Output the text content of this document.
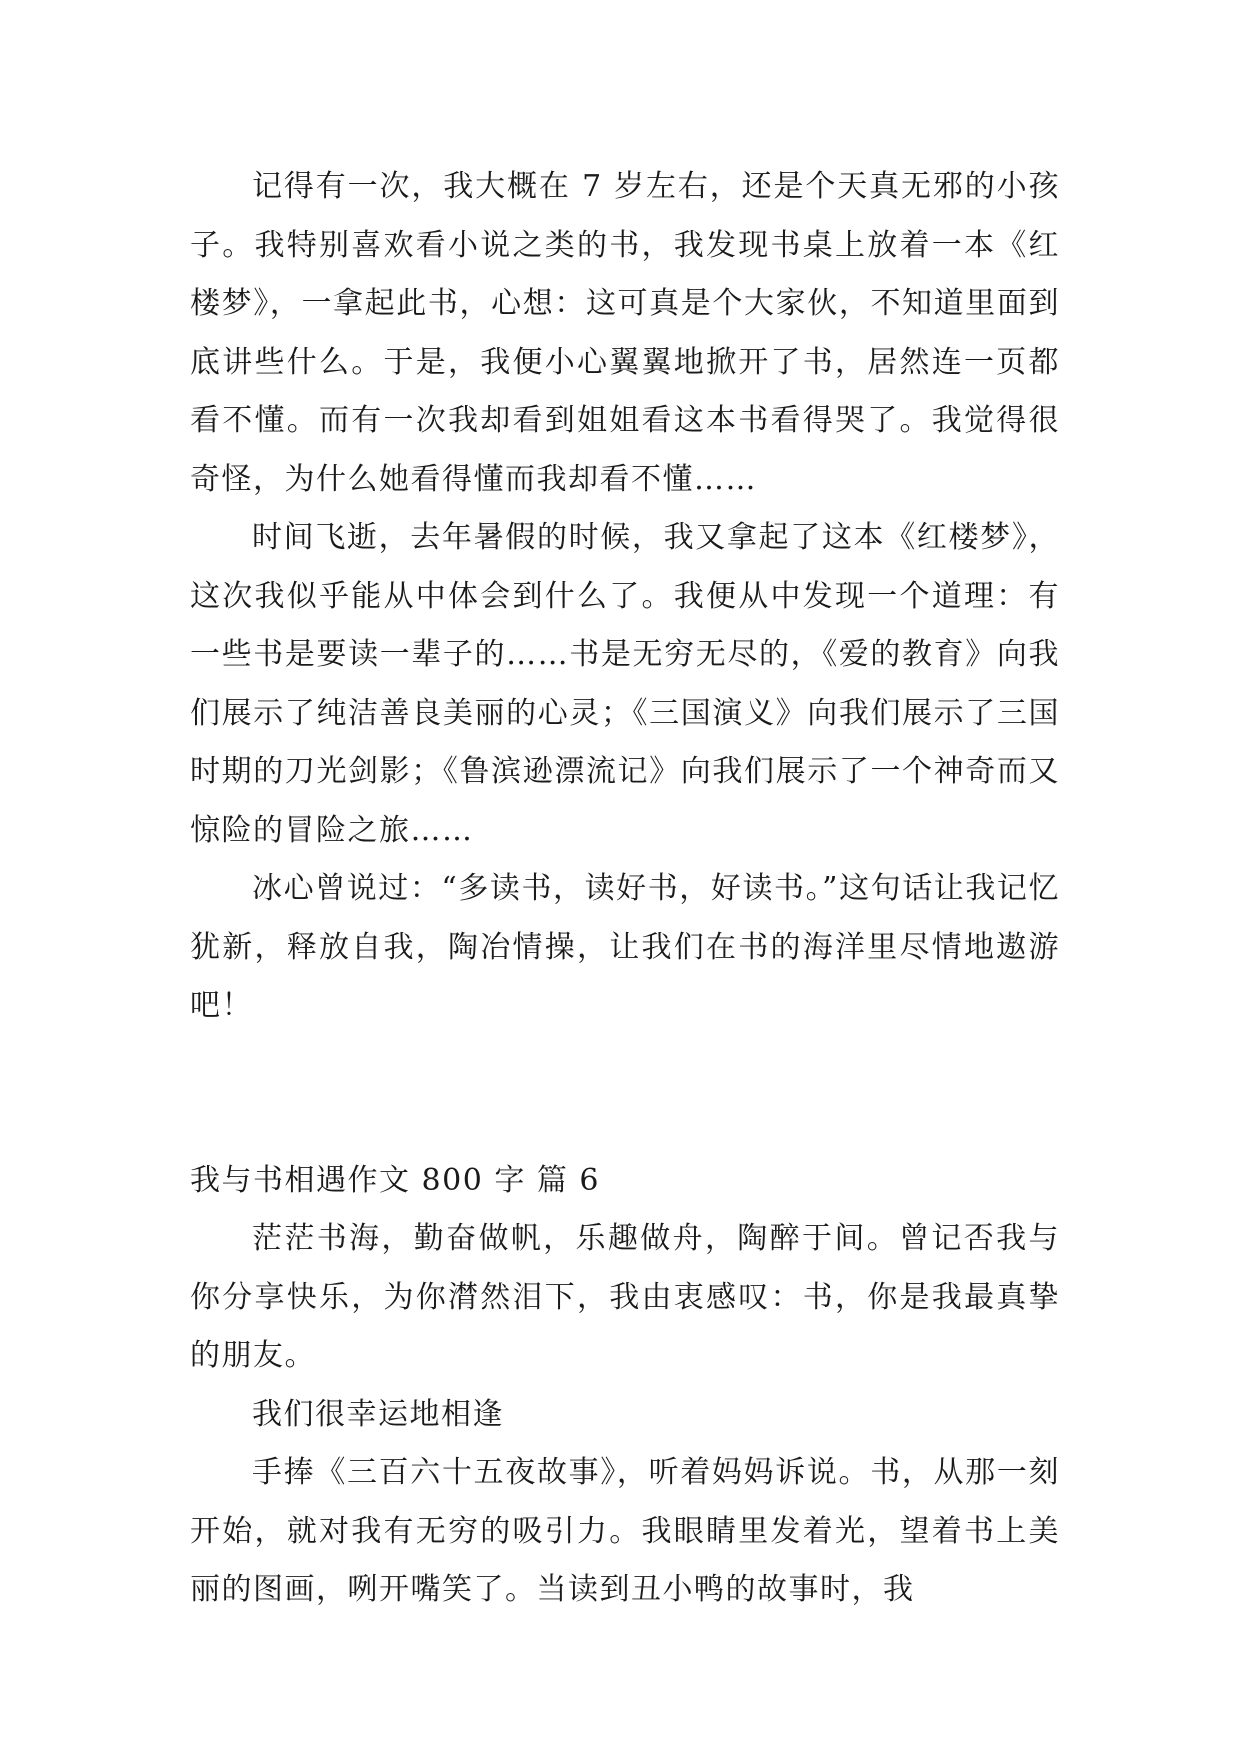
记得有一次，我大概在 7 岁左右，还是个天真无邪的小孩子。我特别喜欢看小说之类的书，我发现书桌上放着一本《红楼梦》，一拿起此书，心想：这可真是个大家伙，不知道里面到底讲些什么。于是，我便小心翼翼地掀开了书，居然连一页都看不懂。而有一次我却看到姐姐看这本书看得哭了。我觉得很奇怪，为什么她看得懂而我却看不懂……

时间飞逝，去年暑假的时候，我又拿起了这本《红楼梦》，这次我似乎能从中体会到什么了。我便从中发现一个道理：有一些书是要读一辈子的……书是无穷无尽的，《爱的教育》向我们展示了纯洁善良美丽的心灵；《三国演义》向我们展示了三国时期的刀光剑影；《鲁滨逊漂流记》向我们展示了一个神奇而又惊险的冒险之旅……

冰心曾说过：“多读书，读好书，好读书。”这句话让我记忆犹新，释放自我，陶冶情操，让我们在书的海洋里尽情地遨游吧！

我与书相遇作文 800 字 篇 6

茫茫书海，勤奋做帆，乐趣做舟，陶醉于间。曾记否我与你分享快乐，为你潸然泪下，我由衷感叹：书，你是我最真挚的朋友。

我们很幸运地相逢

手捧《三百六十五夜故事》，听着妈妈诉说。书，从那一刻开始，就对我有无穷的吸引力。我眼睛里发着光，望着书上美丽的图画，咧开嘴笑了。当读到丑小鸭的故事时，我
